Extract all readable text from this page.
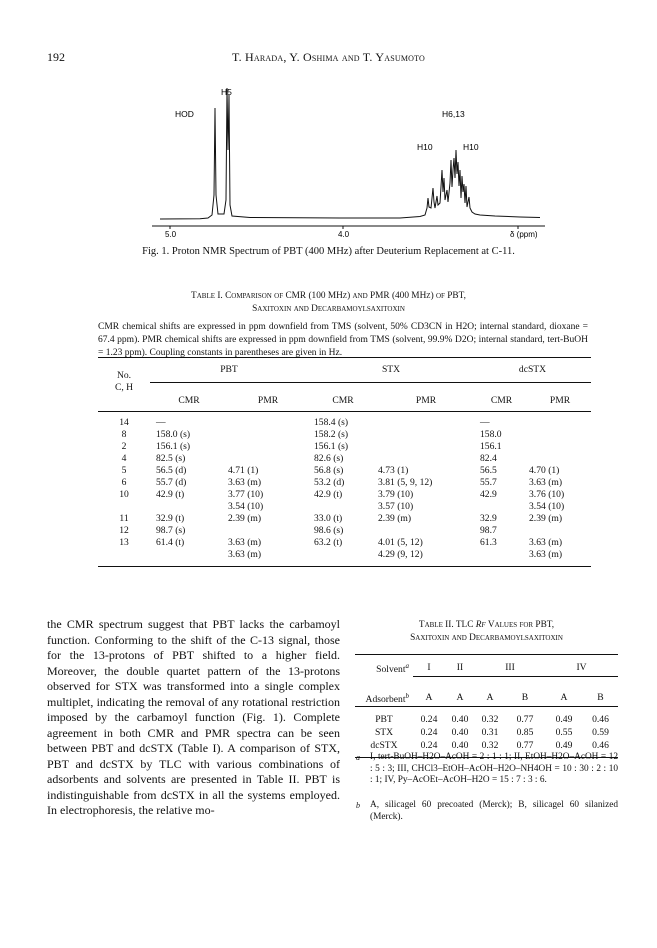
192	T. Harada, Y. Oshima and T. Yasumoto
5.0	4.0	δ (ppm)
HOD
H5
H6,13
H10	H10
Fig. 1. Proton NMR Spectrum of PBT (400 MHz) after Deuterium Replacement at C-11.
Table I. Comparison of CMR (100 MHz) and PMR (400 MHz) of PBT,
Saxitoxin and Decarbamoylsaxitoxin
CMR chemical shifts are expressed in ppm downfield from TMS (solvent, 50% CD3CN in H2O; internal standard, dioxane = 67.4 ppm). PMR chemical shifts are expressed in ppm downfield from TMS (solvent, 99.9% D2O; internal standard, tert-BuOH = 1.23 ppm). Coupling constants in parentheses are given in Hz.

No.	PBT		STX		dcSTX	
C, H						
	CMR	PMR	CMR	PMR	CMR	PMR

14	—		158.4 (s)		—	
8	158.0 (s)		158.2 (s)		158.0	
2	156.1 (s)		156.1 (s)		156.1	
4	82.5 (s)		82.6 (s)		82.4	
5	56.5 (d)	4.71 (1)	56.8 (s)	4.73 (1)	56.5	4.70 (1)
6	55.7 (d)	3.63 (m)	53.2 (d)	3.81 (5, 9, 12)	55.7	3.63 (m)
10	42.9 (t)	3.77 (10)	42.9 (t)	3.79 (10)	42.9	3.76 (10)
		3.54 (10)		3.57 (10)		3.54 (10)
11	32.9 (t)	2.39 (m)	33.0 (t)	2.39 (m)	32.9	2.39 (m)
12	98.7 (s)		98.6 (s)		98.7	
13	61.4 (t)	3.63 (m)	63.2 (t)	4.01 (5, 12)	61.3	3.63 (m)
		3.63 (m)		4.29 (9, 12)		3.63 (m)

the CMR spectrum suggest that PBT lacks the carbamoyl function. Conforming to the shift of the C-13 signal, those for the 13-protons of PBT shifted to a higher field. Moreover, the double quartet pattern of the 13-protons observed for STX was transformed into a single complex multiplet, indicating the removal of any rotational restriction imposed by the carbamoyl function (Fig. 1). Complete agreement in both CMR and PMR spectra can be seen between PBT and dcSTX (Table I). A comparison of STX, PBT and dcSTX by TLC with various combinations of adsorbents and solvents are presented in Table II. PBT is indistinguishable from dcSTX in all the systems employed. In electrophoresis, the relative mo-
Table II. TLC Rf Values for PBT,
Saxitoxin and Decarbamoylsaxitoxin

Solvent$^a$	I	II	III		IV	

Adsorbent$^b$	A	A	A	B	A	B

PBT	0.24	0.40	0.32	0.77	0.49	0.46
STX	0.24	0.40	0.31	0.85	0.55	0.59
dcSTX	0.24	0.40	0.32	0.77	0.49	0.46

a I, tert-BuOH–H2O–AcOH = 2 : 1 : 1; II, EtOH–H2O–AcOH = 12 : 5 : 3; III, CHCl3–EtOH–AcOH–H2O–NH4OH = 10 : 30 : 2 : 10 : 1; IV, Py–AcOEt–AcOH–H2O = 15 : 7 : 3 : 6.
b A, silicagel 60 precoated (Merck); B, silicagel 60 silanized (Merck).
